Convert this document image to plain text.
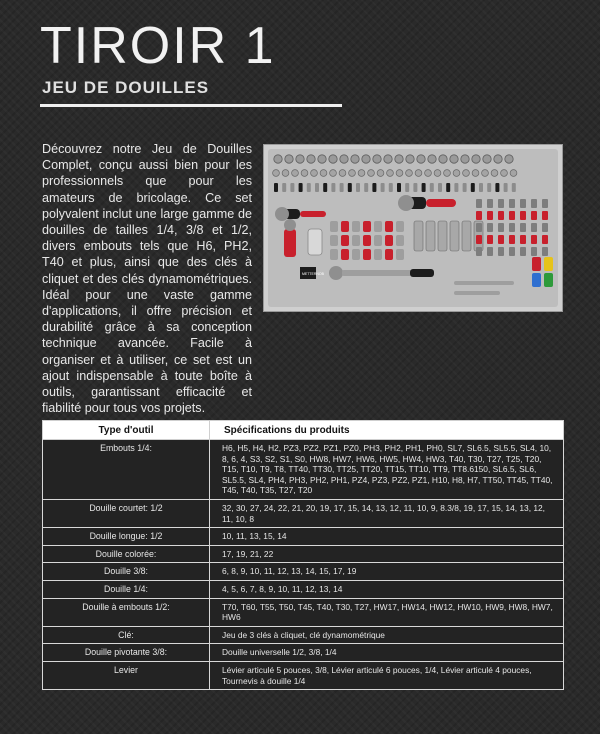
TIROIR 1
JEU DE DOUILLES

Découvrez notre Jeu de Douilles Complet, conçu aussi bien pour les professionnels que pour les amateurs de bricolage. Ce set polyvalent inclut une large gamme de douilles de tailles 1/4, 3/8 et 1/2, divers embouts tels que H6, PH2, T40 et plus, ainsi que des clés à cliquet et des clés dynamométriques. Idéal pour une vaste gamme d'applications, il offre précision et durabilité grâce à sa conception technique avancée. Facile à organiser et à utiliser, ce set est un ajout indispensable à toute boîte à outils, garantissant efficacité et fiabilité pour tous vos projets.

METTERNOB
Type d'outil	Spécifications du produits
Embouts 1/4:	H6, H5, H4, H2, PZ3, PZ2, PZ1, PZ0, PH3, PH2, PH1, PH0, SL7, SL6.5, SL5.5, SL4, 10, 8, 6, 4, S3, S2, S1, S0, HW8, HW7, HW6, HW5, HW4, HW3, T40, T30, T27, T25, T20, T15, T10, T9, T8, TT40, TT30, TT25, TT20, TT15, TT10, TT9, TT8.6150, SL6.5, SL6, SL5.5, SL4, PH4, PH3, PH2, PH1, PZ4, PZ3, PZ2, PZ1, H10, H8, H7, TT50, TT45, TT40, T45, T40, T35, T27, T20
Douille courtet: 1/2	32, 30, 27, 24, 22, 21, 20, 19, 17, 15, 14, 13, 12, 11, 10, 9, 8.3/8, 19, 17, 15, 14, 13, 12, 11, 10, 8
Douille longue: 1/2	10, 11, 13, 15, 14
Douille colorée:	17, 19, 21, 22
Douille 3/8:	6, 8, 9, 10, 11, 12, 13, 14, 15, 17, 19
Douille 1/4:	4, 5, 6, 7, 8, 9, 10, 11, 12, 13, 14
Douille à embouts 1/2:	T70, T60, T55, T50, T45, T40, T30, T27, HW17, HW14, HW12, HW10, HW9, HW8, HW7, HW6
Clé:	Jeu de 3 clés à cliquet, clé dynamométrique
Douille pivotante 3/8:	Douille universelle 1/2, 3/8, 1/4
Levier	Lévier articulé 5 pouces, 3/8, Lévier articulé 6 pouces, 1/4, Lévier articulé 4 pouces, Tournevis à douille 1/4
